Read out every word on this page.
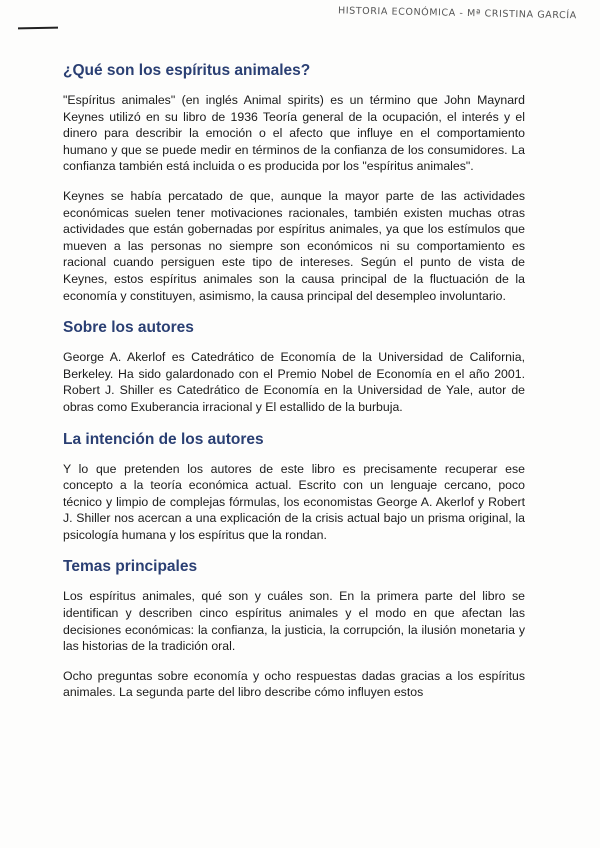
HISTORIA ECONÓMICA - Mª CRISTINA GARCÍA
¿Qué son los espíritus animales?

"Espíritus animales" (en inglés Animal spirits) es un término que John Maynard Keynes utilizó en su libro de 1936 Teoría general de la ocupación, el interés y el dinero para describir la emoción o el afecto que influye en el comportamiento humano y que se puede medir en términos de la confianza de los consumidores. La confianza también está incluida o es producida por los "espíritus animales".

Keynes se había percatado de que, aunque la mayor parte de las actividades económicas suelen tener motivaciones racionales, también existen muchas otras actividades que están gobernadas por espíritus animales, ya que los estímulos que mueven a las personas no siempre son económicos ni su comportamiento es racional cuando persiguen este tipo de intereses. Según el punto de vista de Keynes, estos espíritus animales son la causa principal de la fluctuación de la economía y constituyen, asimismo, la causa principal del desempleo involuntario.

Sobre los autores

George A. Akerlof es Catedrático de Economía de la Universidad de California, Berkeley. Ha sido galardonado con el Premio Nobel de Economía en el año 2001. Robert J. Shiller es Catedrático de Economía en la Universidad de Yale, autor de obras como Exuberancia irracional y El estallido de la burbuja.

La intención de los autores

Y lo que pretenden los autores de este libro es precisamente recuperar ese concepto a la teoría económica actual. Escrito con un lenguaje cercano, poco técnico y limpio de complejas fórmulas, los economistas George A. Akerlof y Robert J. Shiller nos acercan a una explicación de la crisis actual bajo un prisma original, la psicología humana y los espíritus que la rondan.

Temas principales

Los espíritus animales, qué son y cuáles son. En la primera parte del libro se identifican y describen cinco espíritus animales y el modo en que afectan las decisiones económicas: la confianza, la justicia, la corrupción, la ilusión monetaria y las historias de la tradición oral.

Ocho preguntas sobre economía y ocho respuestas dadas gracias a los espíritus animales. La segunda parte del libro describe cómo influyen estos
